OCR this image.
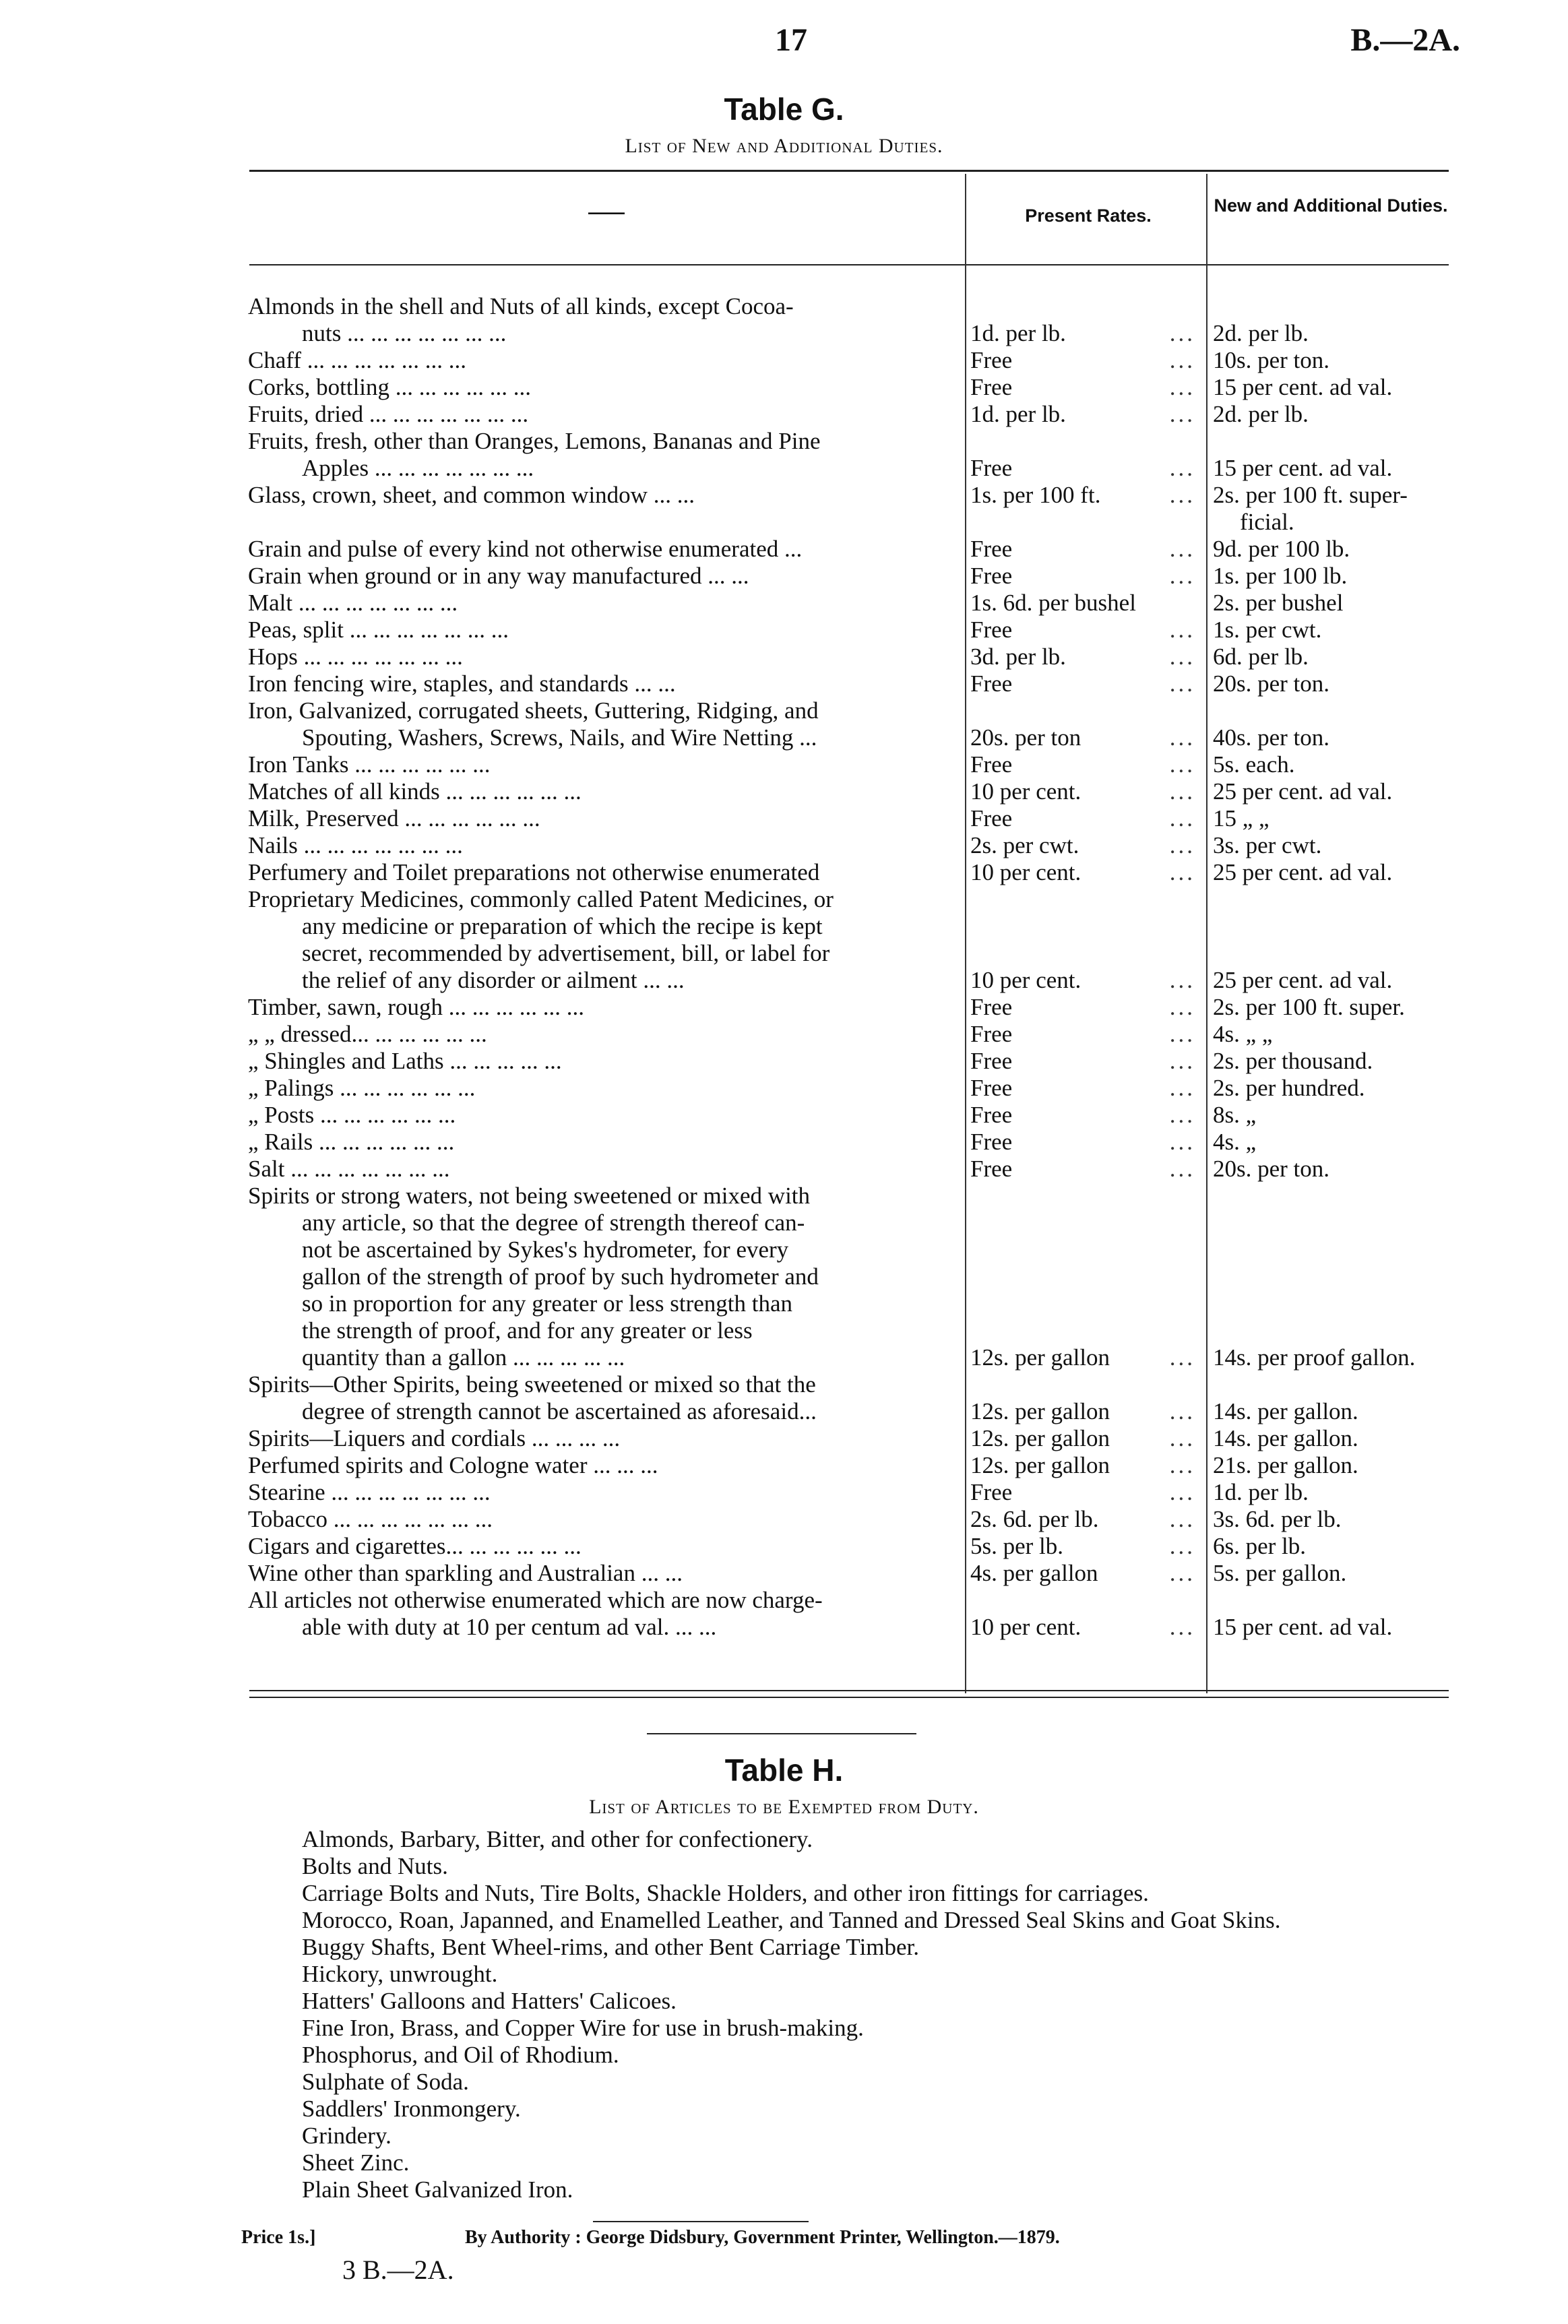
17	B.—2A.
Table G.
List of New and Additional Duties.
——	Present Rates.	New and Additional Duties.
Almonds in the shell and Nuts of all kinds, except Cocoa-
nuts ... ... ... ... ... ... ...	1d. per lb.	... 2d. per lb.
Chaff ... ... ... ... ... ... ...	Free	... 10s. per ton.
Corks, bottling ... ... ... ... ... ...	Free	... 15 per cent. ad val.
Fruits, dried ... ... ... ... ... ... ...	1d. per lb.	... 2d. per lb.
Fruits, fresh, other than Oranges, Lemons, Bananas and Pine
Apples ... ... ... ... ... ... ...	Free	... 15 per cent. ad val.
Glass, crown, sheet, and common window ... ...	1s. per 100 ft.	... 2s. per 100 ft. super-
ficial.
Grain and pulse of every kind not otherwise enumerated ...	Free	... 9d. per 100 lb.
Grain when ground or in any way manufactured ... ...	Free	... 1s. per 100 lb.
Malt ... ... ... ... ... ... ...	1s. 6d. per bushel	2s. per bushel
Peas, split ... ... ... ... ... ... ...	Free	... 1s. per cwt.
Hops ... ... ... ... ... ... ...	3d. per lb.	... 6d. per lb.
Iron fencing wire, staples, and standards ... ...	Free	... 20s. per ton.
Iron, Galvanized, corrugated sheets, Guttering, Ridging, and
Spouting, Washers, Screws, Nails, and Wire Netting ...	20s. per ton	... 40s. per ton.
Iron Tanks ... ... ... ... ... ...	Free	... 5s. each.
Matches of all kinds ... ... ... ... ... ...	10 per cent.	... 25 per cent. ad val.
Milk, Preserved ... ... ... ... ... ...	Free	... 15 „ „
Nails ... ... ... ... ... ... ...	2s. per cwt.	... 3s. per cwt.
Perfumery and Toilet preparations not otherwise enumerated	10 per cent.	... 25 per cent. ad val.
Proprietary Medicines, commonly called Patent Medicines, or
any medicine or preparation of which the recipe is kept
secret, recommended by advertisement, bill, or label for
the relief of any disorder or ailment ... ...	10 per cent.	... 25 per cent. ad val.
Timber, sawn, rough ... ... ... ... ... ...	Free	... 2s. per 100 ft. super.
„ „ dressed... ... ... ... ... ...	Free	... 4s. „ „
„ Shingles and Laths ... ... ... ... ...	Free	... 2s. per thousand.
„ Palings ... ... ... ... ... ...	Free	... 2s. per hundred.
„ Posts ... ... ... ... ... ...	Free	... 8s. „
„ Rails ... ... ... ... ... ...	Free	... 4s. „
Salt ... ... ... ... ... ... ...	Free	... 20s. per ton.
Spirits or strong waters, not being sweetened or mixed with
any article, so that the degree of strength thereof can-
not be ascertained by Sykes's hydrometer, for every
gallon of the strength of proof by such hydrometer and
so in proportion for any greater or less strength than
the strength of proof, and for any greater or less
quantity than a gallon ... ... ... ... ...	12s. per gallon	... 14s. per proof gallon.
Spirits—Other Spirits, being sweetened or mixed so that the
degree of strength cannot be ascertained as aforesaid...	12s. per gallon	... 14s. per gallon.
Spirits—Liquers and cordials ... ... ... ...	12s. per gallon	... 14s. per gallon.
Perfumed spirits and Cologne water ... ... ...	12s. per gallon	... 21s. per gallon.
Stearine ... ... ... ... ... ... ...	Free	... 1d. per lb.
Tobacco ... ... ... ... ... ... ...	2s. 6d. per lb.	... 3s. 6d. per lb.
Cigars and cigarettes... ... ... ... ... ...	5s. per lb.	... 6s. per lb.
Wine other than sparkling and Australian ... ...	4s. per gallon	... 5s. per gallon.
All articles not otherwise enumerated which are now charge-
able with duty at 10 per centum ad val. ... ...	10 per cent.	... 15 per cent. ad val.
Table H.
List of Articles to be Exempted from Duty.
Almonds, Barbary, Bitter, and other for confectionery.
Bolts and Nuts.
Carriage Bolts and Nuts, Tire Bolts, Shackle Holders, and other iron fittings for carriages.
Morocco, Roan, Japanned, and Enamelled Leather, and Tanned and Dressed Seal Skins and Goat Skins.
Buggy Shafts, Bent Wheel-rims, and other Bent Carriage Timber.
Hickory, unwrought.
Hatters' Galloons and Hatters' Calicoes.
Fine Iron, Brass, and Copper Wire for use in brush-making.
Phosphorus, and Oil of Rhodium.
Sulphate of Soda.
Saddlers' Ironmongery.
Grindery.
Sheet Zinc.
Plain Sheet Galvanized Iron.
Price 1s.]	By Authority : George Didsbury, Government Printer, Wellington.—1879.
3 B.—2A.
